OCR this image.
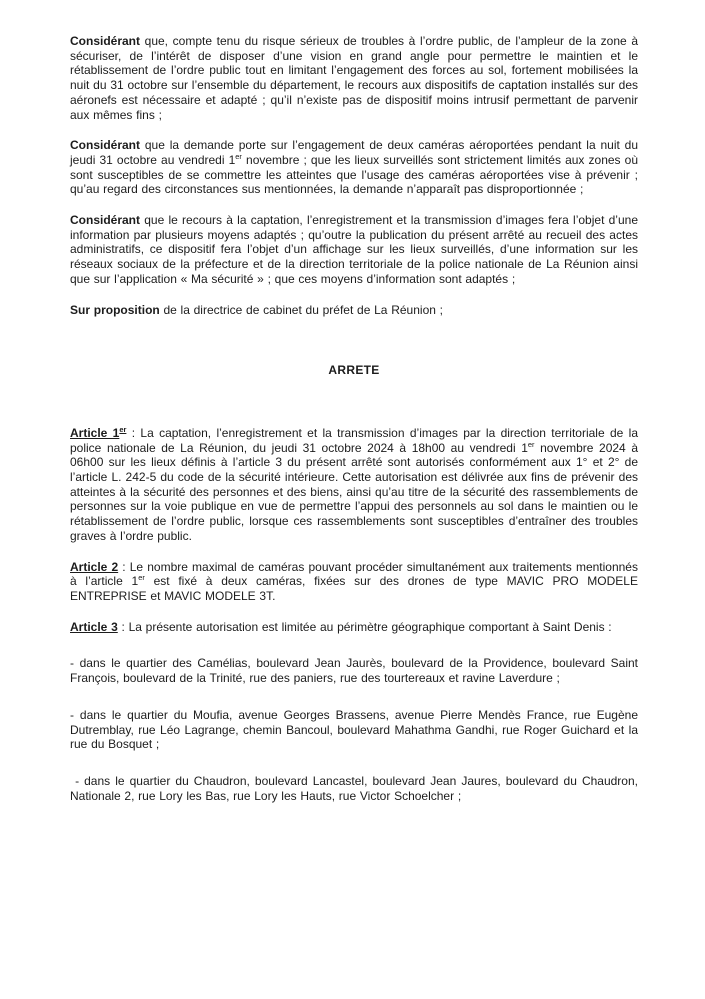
Considérant que, compte tenu du risque sérieux de troubles à l’ordre public, de l’ampleur de la zone à sécuriser, de l’intérêt de disposer d’une vision en grand angle pour permettre le maintien et le rétablissement de l’ordre public tout en limitant l’engagement des forces au sol, fortement mobilisées la nuit du 31 octobre sur l’ensemble du département, le recours aux dispositifs de captation installés sur des aéronefs est nécessaire et adapté ; qu’il n’existe pas de dispositif moins intrusif permettant de parvenir aux mêmes fins ;

Considérant que la demande porte sur l’engagement de deux caméras aéroportées pendant la nuit du jeudi 31 octobre au vendredi 1er novembre ; que les lieux surveillés sont strictement limités aux zones où sont susceptibles de se commettre les atteintes que l’usage des caméras aéroportées vise à prévenir ; qu’au regard des circonstances sus mentionnées, la demande n’apparaît pas disproportionnée ;

Considérant que le recours à la captation, l’enregistrement et la transmission d’images fera l’objet d’une information par plusieurs moyens adaptés ; qu’outre la publication du présent arrêté au recueil des actes administratifs, ce dispositif fera l’objet d’un affichage sur les lieux surveillés, d’une information sur les réseaux sociaux de la préfecture et de la direction territoriale de la police nationale de La Réunion ainsi que sur l’application « Ma sécurité » ; que ces moyens d’information sont adaptés ;

Sur proposition de la directrice de cabinet du préfet de La Réunion ;

ARRETE

Article 1er : La captation, l’enregistrement et la transmission d’images par la direction territoriale de la police nationale de La Réunion, du jeudi 31 octobre 2024 à 18h00 au vendredi 1er novembre 2024 à 06h00 sur les lieux définis à l’article 3 du présent arrêté sont autorisés conformément aux 1° et 2° de l’article L. 242-5 du code de la sécurité intérieure. Cette autorisation est délivrée aux fins de prévenir des atteintes à la sécurité des personnes et des biens, ainsi qu’au titre de la sécurité des rassemblements de personnes sur la voie publique en vue de permettre l’appui des personnels au sol dans le maintien ou le rétablissement de l’ordre public, lorsque ces rassemblements sont susceptibles d’entraîner des troubles graves à l’ordre public.

Article 2 : Le nombre maximal de caméras pouvant procéder simultanément aux traitements mentionnés à l’article 1er est fixé à deux caméras, fixées sur des drones de type MAVIC PRO MODELE ENTREPRISE et MAVIC MODELE 3T.

Article 3 : La présente autorisation est limitée au périmètre géographique comportant à Saint Denis :

- dans le quartier des Camélias, boulevard Jean Jaurès, boulevard de la Providence, boulevard Saint François, boulevard de la Trinité, rue des paniers, rue des tourtereaux et ravine Laverdure ;

- dans le quartier du Moufia, avenue Georges Brassens, avenue Pierre Mendès France, rue Eugène Dutremblay, rue Léo Lagrange, chemin Bancoul, boulevard Mahathma Gandhi, rue Roger Guichard et la rue du Bosquet ;

- dans le quartier du Chaudron, boulevard Lancastel, boulevard Jean Jaures, boulevard du Chaudron, Nationale 2, rue Lory les Bas, rue Lory les Hauts, rue Victor Schoelcher ;
